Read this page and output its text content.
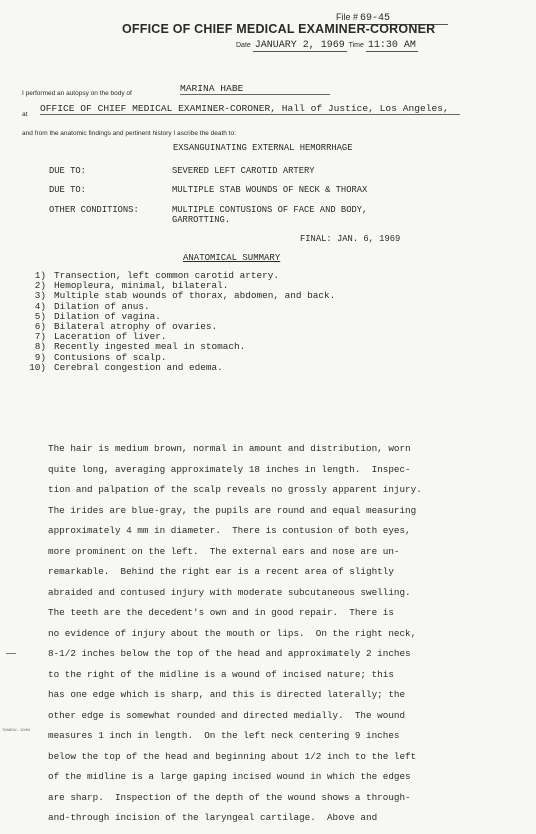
File # 69-45
OFFICE OF CHIEF MEDICAL EXAMINER-CORONER
Date JANUARY 2, 1969 Time 11:30 AM
I performed an autopsy on the body of	MARINA HABE
at
OFFICE OF CHIEF MEDICAL EXAMINER-CORONER, Hall of Justice, Los Angeles,
and from the anatomic findings and pertinent history I ascribe the death to:
EXSANGUINATING EXTERNAL HEMORRHAGE
DUE TO:	SEVERED LEFT CAROTID ARTERY
DUE TO:	MULTIPLE STAB WOUNDS OF NECK & THORAX
OTHER CONDITIONS:	MULTIPLE CONTUSIONS OF FACE AND BODY,
GARROTTING.
FINAL: JAN. 6, 1969
ANATOMICAL SUMMARY
1) Transection, left common carotid artery.
2) Hemopleura, minimal, bilateral.
3) Multiple stab wounds of thorax, abdomen, and back.
4) Dilation of anus.
5) Dilation of vagina.
6) Bilateral atrophy of ovaries.
7) Laceration of liver.
8) Recently ingested meal in stomach.
9) Contusions of scalp.
10) Cerebral congestion and edema.

The hair is medium brown, normal in amount and distribution, worn

quite long, averaging approximately 18 inches in length.  Inspec-

tion and palpation of the scalp reveals no grossly apparent injury.

The irides are blue-gray, the pupils are round and equal measuring

approximately 4 mm in diameter.  There is contusion of both eyes,

more prominent on the left.  The external ears and nose are un-

remarkable.  Behind the right ear is a recent area of slightly

abraided and contused injury with moderate subcutaneous swelling.

The teeth are the decedent's own and in good repair.  There is

no evidence of injury about the mouth or lips.  On the right neck,

8-1/2 inches below the top of the head and approximately 2 inches

to the right of the midline is a wound of incised nature; this

has one edge which is sharp, and this is directed laterally; the

other edge is somewhat rounded and directed medially.  The wound

measures 1 inch in length.  On the left neck centering 9 inches

below the top of the head and beginning about 1/2 inch to the left

of the midline is a large gaping incised wound in which the edges

are sharp.  Inspection of the depth of the wound shows a through-

and-through incision of the laryngeal cartilage.  Above and

76A80U - 10/64
